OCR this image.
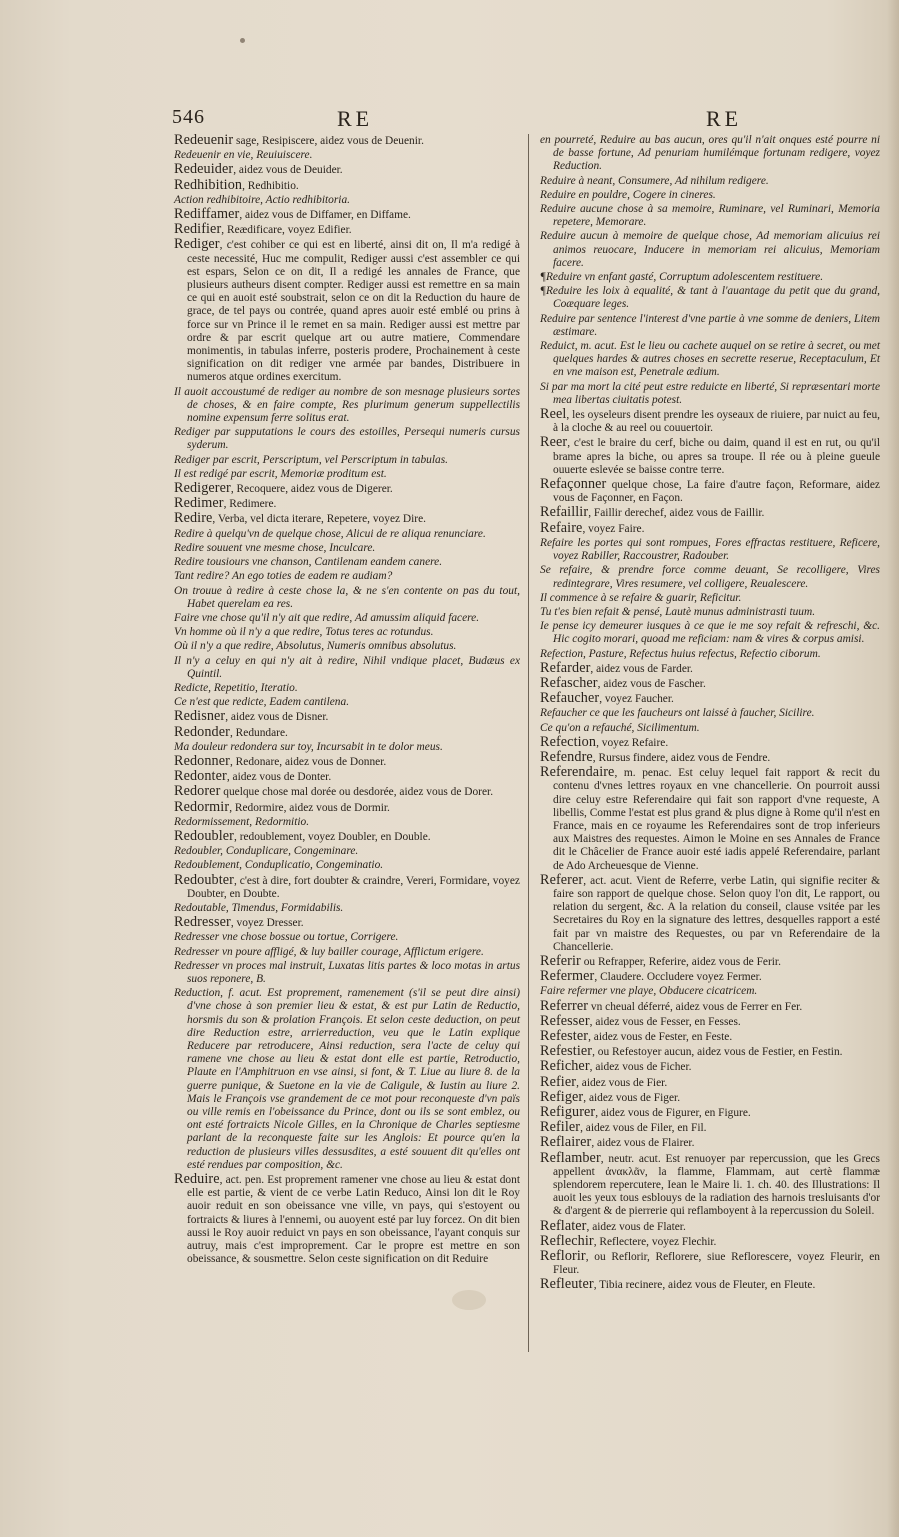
546	RE	RE
Redeuenir sage, Resipiscere, aidez vous de Deuenir.
Redeuenir en vie, Reuiuiscere.
Redeuider, aidez vous de Deuider.
Redhibition, Redhibitio.
Action redhibitoire, Actio redhibitoria.
Rediffamer, aidez vous de Diffamer, en Diffame.
Redifier, Reædificare, voyez Edifier.
Rediger, c'est cohiber ce qui est en liberté, ainsi dit on, Il m'a redigé à ceste necessité, Huc me compulit, Rediger aussi c'est assembler ce qui est espars, Selon ce on dit, Il a redigé les annales de France, que plusieurs autheurs disent compter. Rediger aussi est remettre en sa main ce qui en auoit esté soubstrait, selon ce on dit la Reduction du haure de grace, de tel pays ou contrée, quand apres auoir esté emblé ou prins à force sur vn Prince il le remet en sa main. Rediger aussi est mettre par ordre & par escrit quelque art ou autre matiere, Commendare monimentis, in tabulas inferre, posteris prodere, Prochainement à ceste signification on dit rediger vne armée par bandes, Distribuere in numeros atque ordines exercitum.
Il auoit accoustumé de rediger au nombre de son mesnage plusieurs sortes de choses, & en faire compte, Res plurimum generum suppellectilis nomine expensum ferre solitus erat.
Rediger par supputations le cours des estoilles, Persequi numeris cursus syderum.
Rediger par escrit, Perscriptum, vel Perscriptum in tabulas.
Il est redigé par escrit, Memoriæ proditum est.
Redigerer, Recoquere, aidez vous de Digerer.
Redimer, Redimere.
Redire, Verba, vel dicta iterare, Repetere, voyez Dire.
Redire à quelqu'vn de quelque chose, Alicui de re aliqua renunciare.
Redire souuent vne mesme chose, Inculcare.
Redire tousiours vne chanson, Cantilenam eandem canere.
Tant redire? An ego toties de eadem re audiam?
On trouue à redire à ceste chose la, & ne s'en contente on pas du tout, Habet querelam ea res.
Faire vne chose qu'il n'y ait que redire, Ad amussim aliquid facere.
Vn homme où il n'y a que redire, Totus teres ac rotundus.
Où il n'y a que redire, Absolutus, Numeris omnibus absolutus.
Il n'y a celuy en qui n'y ait à redire, Nihil vndique placet, Budæus ex Quintil.
Redicte, Repetitio, Iteratio.
Ce n'est que redicte, Eadem cantilena.
Redisner, aidez vous de Disner.
Redonder, Redundare.
Ma douleur redondera sur toy, Incursabit in te dolor meus.
Redonner, Redonare, aidez vous de Donner.
Redonter, aidez vous de Donter.
Redorer quelque chose mal dorée ou desdorée, aidez vous de Dorer.
Redormir, Redormire, aidez vous de Dormir.
Redormissement, Redormitio.
Redoubler, redoublement, voyez Doubler, en Double.
Redoubler, Conduplicare, Congeminare.
Redoublement, Conduplicatio, Congeminatio.
Redoubter, c'est à dire, fort doubter & craindre, Vereri, Formidare, voyez Doubter, en Doubte.
Redoutable, Timendus, Formidabilis.
Redresser, voyez Dresser.
Redresser vne chose bossue ou tortue, Corrigere.
Redresser vn poure affligé, & luy bailler courage, Afflictum erigere.
Redresser vn proces mal instruit, Luxatas litis partes & loco motas in artus suos reponere, B.
Reduction, f. acut. Est proprement, ramenement (s'il se peut dire ainsi) d'vne chose à son premier lieu & estat, & est pur Latin de Reductio, horsmis du son & prolation François. Et selon ceste deduction, on peut dire Reduction estre, arrierreduction, veu que le Latin explique Reducere par retroducere, Ainsi reduction, sera l'acte de celuy qui ramene vne chose au lieu & estat dont elle est partie, Retroductio, Plaute en l'Amphitruon en vse ainsi, si font, & T. Liue au liure 8. de la guerre punique, & Suetone en la vie de Caligule, & Iustin au liure 2. Mais le François vse grandement de ce mot pour reconqueste d'vn païs ou ville remis en l'obeissance du Prince, dont ou ils se sont emblez, ou ont esté fortraicts Nicole Gilles, en la Chronique de Charles septiesme parlant de la reconqueste faite sur les Anglois: Et pource qu'en la reduction de plusieurs villes dessusdites, a esté souuent dit qu'elles ont esté rendues par composition, &c.
Reduire, act. pen. Est proprement ramener vne chose au lieu & estat dont elle est partie, & vient de ce verbe Latin Reduco, Ainsi lon dit le Roy auoir reduit en son obeissance vne ville, vn pays, qui s'estoyent ou fortraicts & liures à l'ennemi, ou auoyent esté par luy forcez. On dit bien aussi le Roy auoir reduict vn pays en son obeissance, l'ayant conquis sur autruy, mais c'est improprement. Car le propre est mettre en son obeissance, & sousmettre. Selon ceste signification on dit Reduire
en pourreté, Reduire au bas aucun, ores qu'il n'ait onques esté pourre ni de basse fortune, Ad penuriam humilémque fortunam redigere, voyez Reduction.
Reduire à neant, Consumere, Ad nihilum redigere.
Reduire en pouldre, Cogere in cineres.
Reduire aucune chose à sa memoire, Ruminare, vel Ruminari, Memoria repetere, Memorare.
Reduire aucun à memoire de quelque chose, Ad memoriam alicuius rei animos reuocare, Inducere in memoriam rei alicuius, Memoriam facere.
¶Reduire vn enfant gasté, Corruptum adolescentem restituere.
¶Reduire les loix à equalité, & tant à l'auantage du petit que du grand, Coæquare leges.
Reduire par sentence l'interest d'vne partie à vne somme de deniers, Litem æstimare.
Reduict, m. acut. Est le lieu ou cachete auquel on se retire à secret, ou met quelques hardes & autres choses en secrette reserue, Receptaculum, Et en vne maison est, Penetrale ædium.
Si par ma mort la cité peut estre reduicte en liberté, Si repræsentari morte mea libertas ciuitatis potest.
Reel, les oyseleurs disent prendre les oyseaux de riuiere, par nuict au feu, à la cloche & au reel ou couuertoir.
Reer, c'est le braire du cerf, biche ou daim, quand il est en rut, ou qu'il brame apres la biche, ou apres sa troupe. Il rée ou à pleine gueule ouuerte eslevée se baisse contre terre.
Refaçonner quelque chose, La faire d'autre façon, Reformare, aidez vous de Façonner, en Façon.
Refaillir, Faillir derechef, aidez vous de Faillir.
Refaire, voyez Faire.
Refaire les portes qui sont rompues, Fores effractas restituere, Reficere, voyez Rabiller, Raccoustrer, Radouber.
Se refaire, & prendre force comme deuant, Se recolligere, Vires redintegrare, Vires resumere, vel colligere, Reualescere.
Il commence à se refaire & guarir, Reficitur.
Tu t'es bien refait & pensé, Lautè munus administrasti tuum.
Ie pense icy demeurer iusques à ce que ie me soy refait & refreschi, &c. Hic cogito morari, quoad me reficiam: nam & vires & corpus amisi.
Refection, Pasture, Refectus huius refectus, Refectio ciborum.
Refarder, aidez vous de Farder.
Refascher, aidez vous de Fascher.
Refaucher, voyez Faucher.
Refaucher ce que les faucheurs ont laissé à faucher, Sicilire.
Ce qu'on a refauché, Sicilimentum.
Refection, voyez Refaire.
Refendre, Rursus findere, aidez vous de Fendre.
Referendaire, m. penac. Est celuy lequel fait rapport & recit du contenu d'vnes lettres royaux en vne chancellerie. On pourroit aussi dire celuy estre Referendaire qui fait son rapport d'vne requeste, A libellis, Comme l'estat est plus grand & plus digne à Rome qu'il n'est en France, mais en ce royaume les Referendaires sont de trop inferieurs aux Maistres des requestes. Aimon le Moine en ses Annales de France dit le Châcelier de France auoir esté iadis appelé Referendaire, parlant de Ado Archeuesque de Vienne.
Referer, act. acut. Vient de Referre, verbe Latin, qui signifie reciter & faire son rapport de quelque chose. Selon quoy l'on dit, Le rapport, ou relation du sergent, &c. A la relation du conseil, clause vsitée par les Secretaires du Roy en la signature des lettres, desquelles rapport a esté fait par vn maistre des Requestes, ou par vn Referendaire de la Chancellerie.
Referir ou Refrapper, Referire, aidez vous de Ferir.
Refermer, Claudere. Occludere voyez Fermer.
Faire refermer vne playe, Obducere cicatricem.
Referrer vn cheual déferré, aidez vous de Ferrer en Fer.
Refesser, aidez vous de Fesser, en Fesses.
Refester, aidez vous de Fester, en Feste.
Refestier, ou Refestoyer aucun, aidez vous de Festier, en Festin.
Reficher, aidez vous de Ficher.
Refier, aidez vous de Fier.
Refiger, aidez vous de Figer.
Refigurer, aidez vous de Figurer, en Figure.
Refiler, aidez vous de Filer, en Fil.
Reflairer, aidez vous de Flairer.
Reflamber, neutr. acut. Est renuoyer par repercussion, que les Grecs appellent ἀνακλᾶν, la flamme, Flammam, aut certè flammæ splendorem repercutere, Iean le Maire li. 1. ch. 40. des Illustrations: Il auoit les yeux tous esblouys de la radiation des harnois tresluisants d'or & d'argent & de pierrerie qui reflamboyent à la repercussion du Soleil.
Reflater, aidez vous de Flater.
Reflechir, Reflectere, voyez Flechir.
Reflorir, ou Reflorir, Reflorere, siue Reflorescere, voyez Fleurir, en Fleur.
Refleuter, Tibia recinere, aidez vous de Fleuter, en Fleute.
